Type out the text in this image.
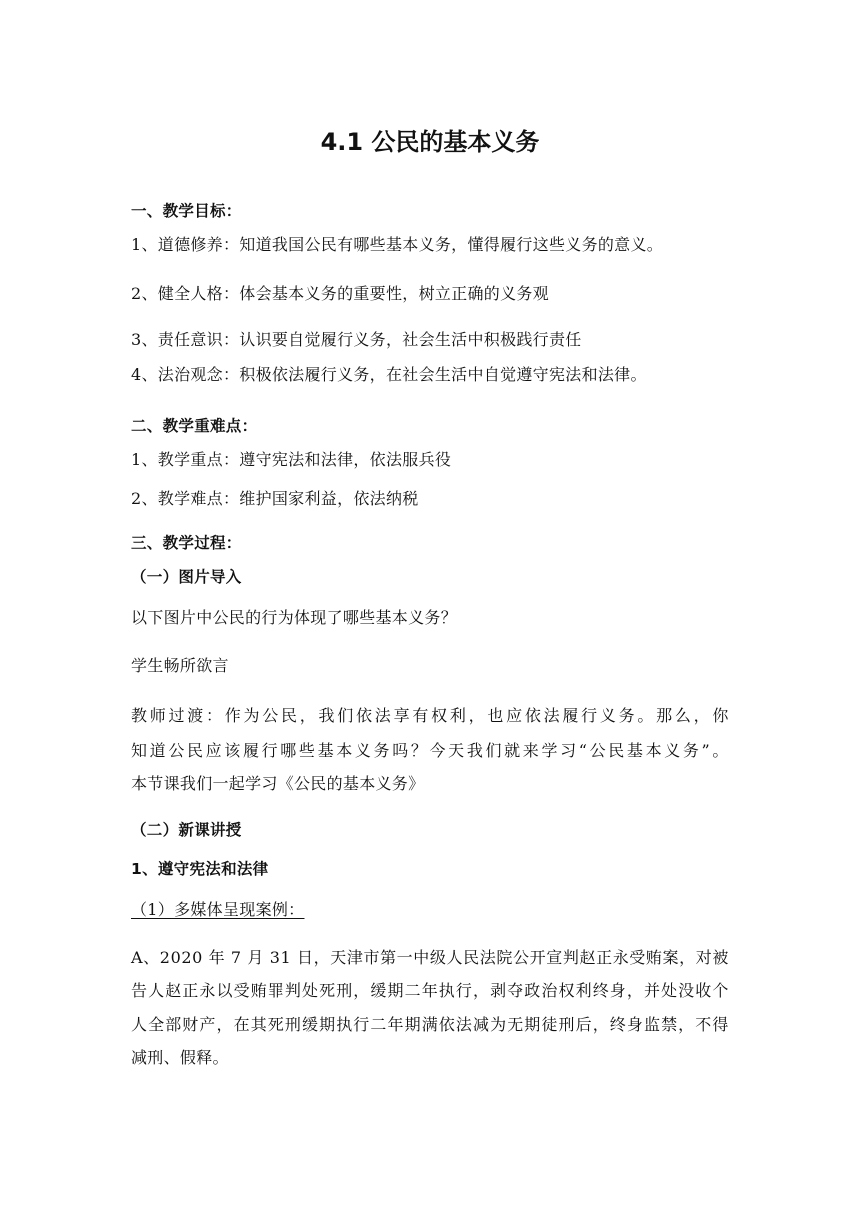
4.1 公民的基本义务
一、教学目标：
1、道德修养：知道我国公民有哪些基本义务，懂得履行这些义务的意义。
2、健全人格：体会基本义务的重要性，树立正确的义务观
3、责任意识：认识要自觉履行义务，社会生活中积极践行责任
4、法治观念：积极依法履行义务，在社会生活中自觉遵守宪法和法律。
二、教学重难点：
1、教学重点：遵守宪法和法律，依法服兵役
2、教学难点：维护国家利益，依法纳税
三、教学过程：
（一）图片导入
以下图片中公民的行为体现了哪些基本义务？
学生畅所欲言
教师过渡：作为公民，我们依法享有权利，也应依法履行义务。那么，你
知道公民应该履行哪些基本义务吗？今天我们就来学习“公民基本义务”。
本节课我们一起学习《公民的基本义务》
（二）新课讲授
1、遵守宪法和法律
（1）多媒体呈现案例：
A、2020 年 7 月 31 日，天津市第一中级人民法院公开宣判赵正永受贿案，对被
告人赵正永以受贿罪判处死刑，缓期二年执行，剥夺政治权利终身，并处没收个
人全部财产，在其死刑缓期执行二年期满依法减为无期徒刑后，终身监禁，不得
减刑、假释。
